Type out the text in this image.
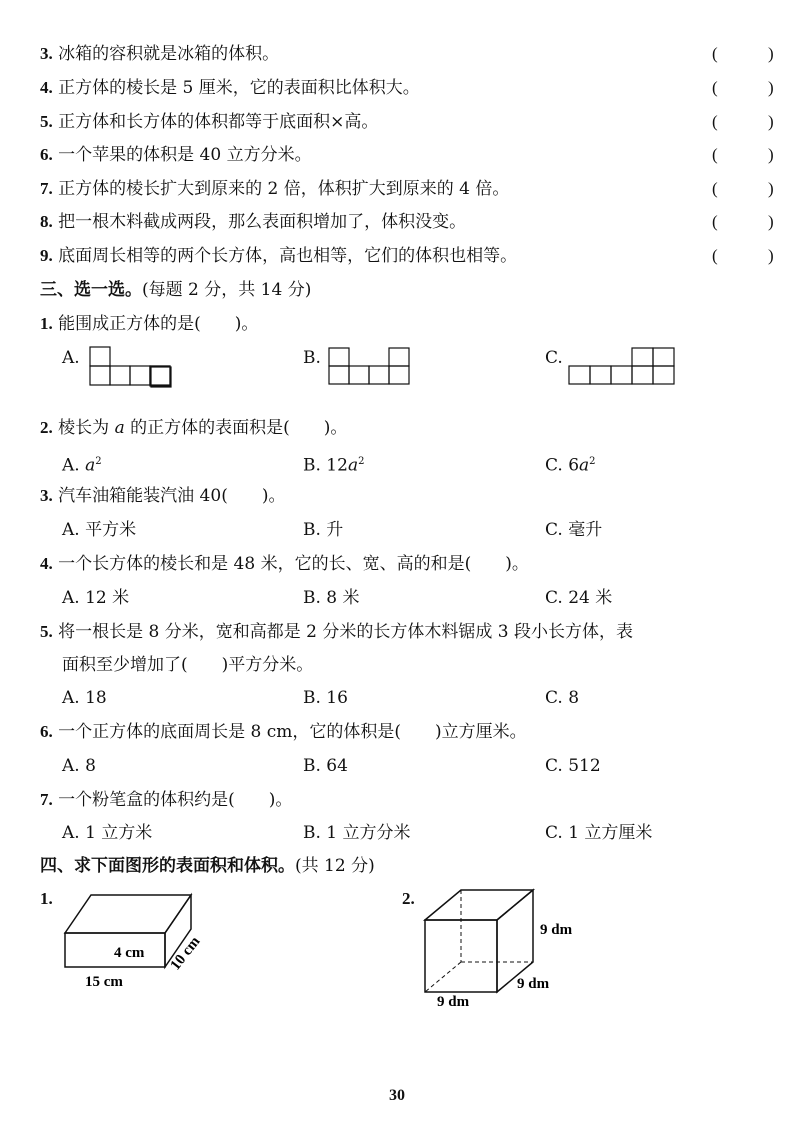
3. 冰箱的容积就是冰箱的体积。	(	)
4. 正方体的棱长是 5 厘米，它的表面积比体积大。	(	)
5. 正方体和长方体的体积都等于底面积×高。	(	)
6. 一个苹果的体积是 40 立方分米。	(	)
7. 正方体的棱长扩大到原来的 2 倍，体积扩大到原来的 4 倍。	(	)
8. 把一根木料截成两段，那么表面积增加了，体积没变。	(	)
9. 底面周长相等的两个长方体，高也相等，它们的体积也相等。	(	)
三、选一选。(每题 2 分，共 14 分)
1. 能围成正方体的是(　　)。
A.	B.	C.
2. 棱长为 a 的正方体的表面积是(　　)。
A. $a^2$	B. $12a^2$	C. $6a^2$
3. 汽车油箱能装汽油 40(　　)。
A. 平方米	B. 升	C. 毫升
4. 一个长方体的棱长和是 48 米，它的长、宽、高的和是(　　)。
A. 12 米	B. 8 米	C. 24 米
5. 将一根长是 8 分米，宽和高都是 2 分米的长方体木料锯成 3 段小长方体，表
面积至少增加了(　　)平方分米。
A. 18	B. 16	C. 8
6. 一个正方体的底面周长是 8 cm，它的体积是(　　)立方厘米。
A. 8	B. 64	C. 512
7. 一个粉笔盒的体积约是(　　)。
A. 1 立方米	B. 1 立方分米	C. 1 立方厘米
四、求下面图形的表面积和体积。(共 12 分)
1.
4 cm
15 cm
10 cm
2.
9 dm
9 dm
9 dm
30
